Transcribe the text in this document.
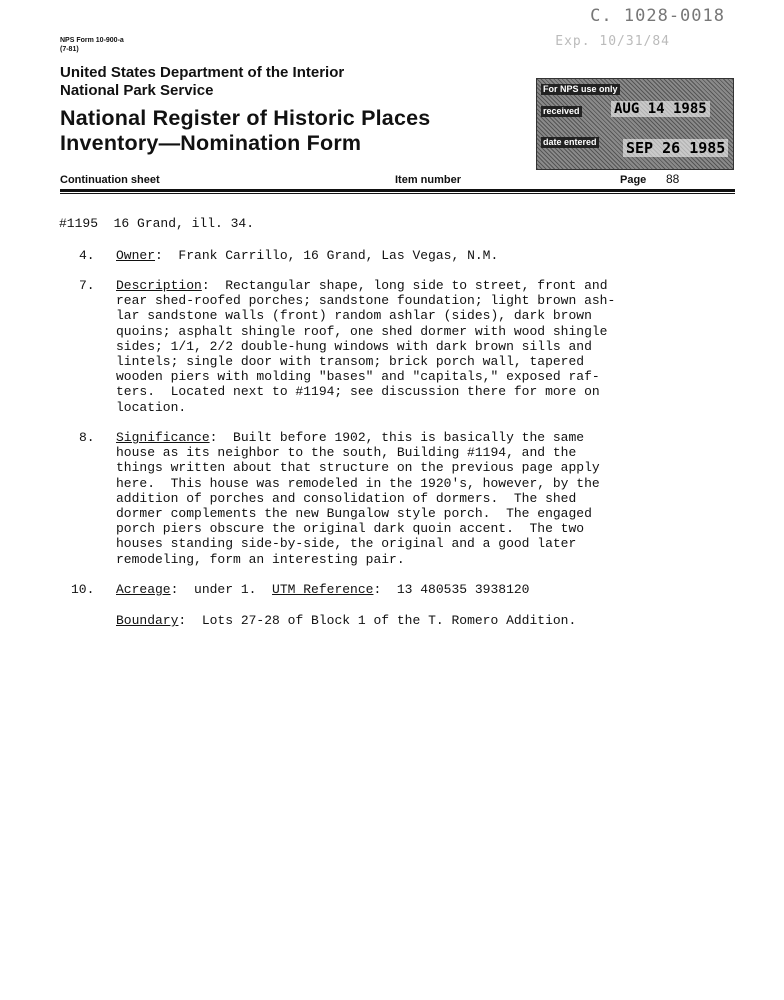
NPS Form 10-900-a
(7-81)
United States Department of the Interior
National Park Service
National Register of Historic Places
Inventory—Nomination Form
C. 1028-0018
Exp. 10/31/84
For NPS use only
received AUG 14 1985
date entered SEP 26 1985
Continuation sheet	Item number	Page 88
#1195  16 Grand, ill. 34.
4. Owner:  Frank Carrillo, 16 Grand, Las Vegas, N.M.
7. Description:  Rectangular shape, long side to street, front and
rear shed-roofed porches; sandstone foundation; light brown ash-
lar sandstone walls (front) random ashlar (sides), dark brown
quoins; asphalt shingle roof, one shed dormer with wood shingle
sides; 1/1, 2/2 double-hung windows with dark brown sills and
lintels; single door with transom; brick porch wall, tapered
wooden piers with molding "bases" and "capitals," exposed raf-
ters.  Located next to #1194; see discussion there for more on
location.
8. Significance:  Built before 1902, this is basically the same
house as its neighbor to the south, Building #1194, and the
things written about that structure on the previous page apply
here.  This house was remodeled in the 1920's, however, by the
addition of porches and consolidation of dormers.  The shed
dormer complements the new Bungalow style porch.  The engaged
porch piers obscure the original dark quoin accent.  The two
houses standing side-by-side, the original and a good later
remodeling, form an interesting pair.
10. Acreage:  under 1.  UTM Reference:  13 480535 3938120
Boundary:  Lots 27-28 of Block 1 of the T. Romero Addition.
